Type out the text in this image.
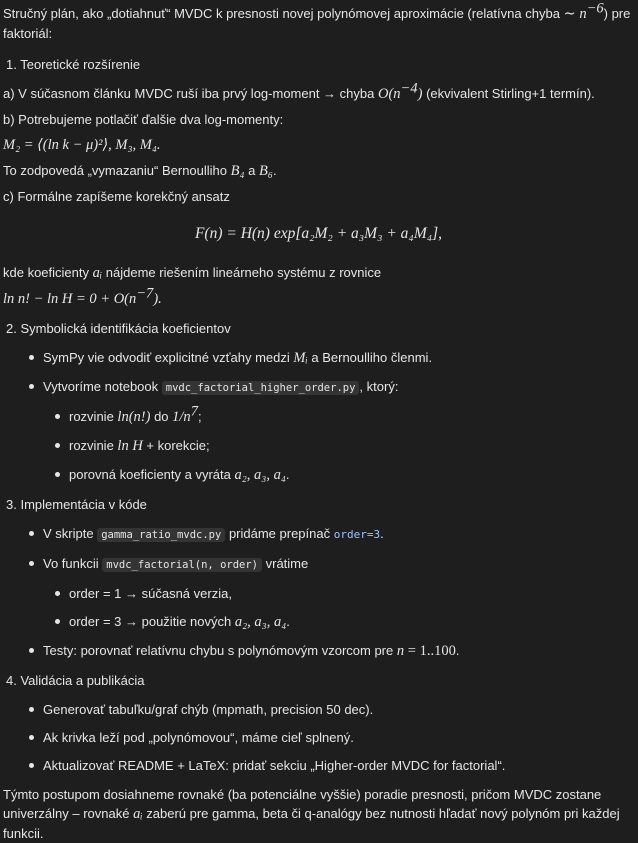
Stručný plán, ako „dotiahnuť“ MVDC k presnosti novej polynómovej aproximácie (relatívna chyba ∼ $n^{-6}$) pre faktoriál:

1. Teoretické rozšírenie

a) V súčasnom článku MVDC ruší iba prvý log-moment → chyba $O(n^{-4})$ (ekvivalent Stirling+1 termín).

b) Potrebujeme potlačiť ďalšie dva log-momenty:

M₂ = ⟨(ln k − μ)²⟩, M₃, M₄.

To zodpovedá „vymazaniu“ Bernoulliho B₄ a B₆.

c) Formálne zapíšeme korekčný ansatz

F(n) = H(n) exp[a₂M₂ + a₃M₃ + a₄M₄],

kde koeficienty aᵢ nájdeme riešením lineárneho systému z rovnice

ln n! − $\ln H = 0 + O(n^{-7})$.

2. Symbolická identifikácia koeficientov

SymPy vie odvodiť explicitné vzťahy medzi Mᵢ a Bernoulliho členmi.
Vytvoríme notebook mvdc_factorial_higher_order.py , ktorý:
rozvinie ln(n!) do $1/n^7$;
rozvinie ln H + korekcie;
porovná koeficienty a vyráta a₂, a₃, a₄.

3. Implementácia v kóde

V skripte gamma_ratio_mvdc.py pridáme prepínač order=3.
Vo funkcii mvdc_factorial(n, order) vrátime
order = 1 → súčasná verzia,
order = 3 → použitie nových a₂, a₃, a₄.
Testy: porovnať relatívnu chybu s polynómovým vzorcom pre n = 1..100.

4. Validácia a publikácia

Generovať tabuľku/graf chýb (mpmath, precision 50 dec).
Ak krivka leží pod „polynómovou“, máme cieľ splnený.
Aktualizovať README + LaTeX: pridať sekciu „Higher-order MVDC for factorial“.

Týmto postupom dosiahneme rovnaké (ba potenciálne vyššie) poradie presnosti, pričom MVDC zostane univerzálny – rovnaké aᵢ zaberú pre gamma, beta či q-analógy bez nutnosti hľadať nový polynóm pri každej funkcii.
